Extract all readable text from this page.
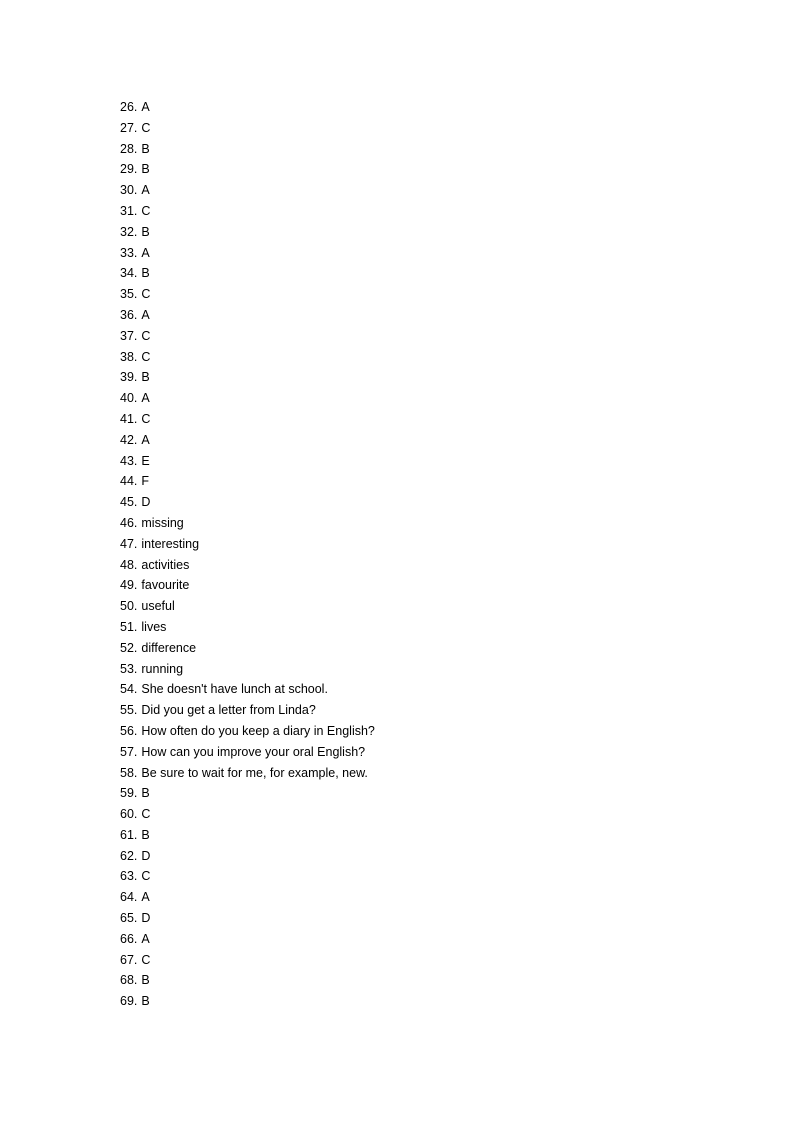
26. A
27. C
28. B
29. B
30. A
31. C
32. B
33. A
34. B
35. C
36. A
37. C
38. C
39. B
40. A
41. C
42. A
43. E
44. F
45. D
46. missing
47. interesting
48. activities
49. favourite
50. useful
51. lives
52. difference
53. running
54. She doesn't have lunch at school.
55. Did you get a letter from Linda?
56. How often do you keep a diary in English?
57. How can you improve your oral English?
58. Be sure to wait for me, for example, new.
59. B
60. C
61. B
62. D
63. C
64. A
65. D
66. A
67. C
68. B
69. B
